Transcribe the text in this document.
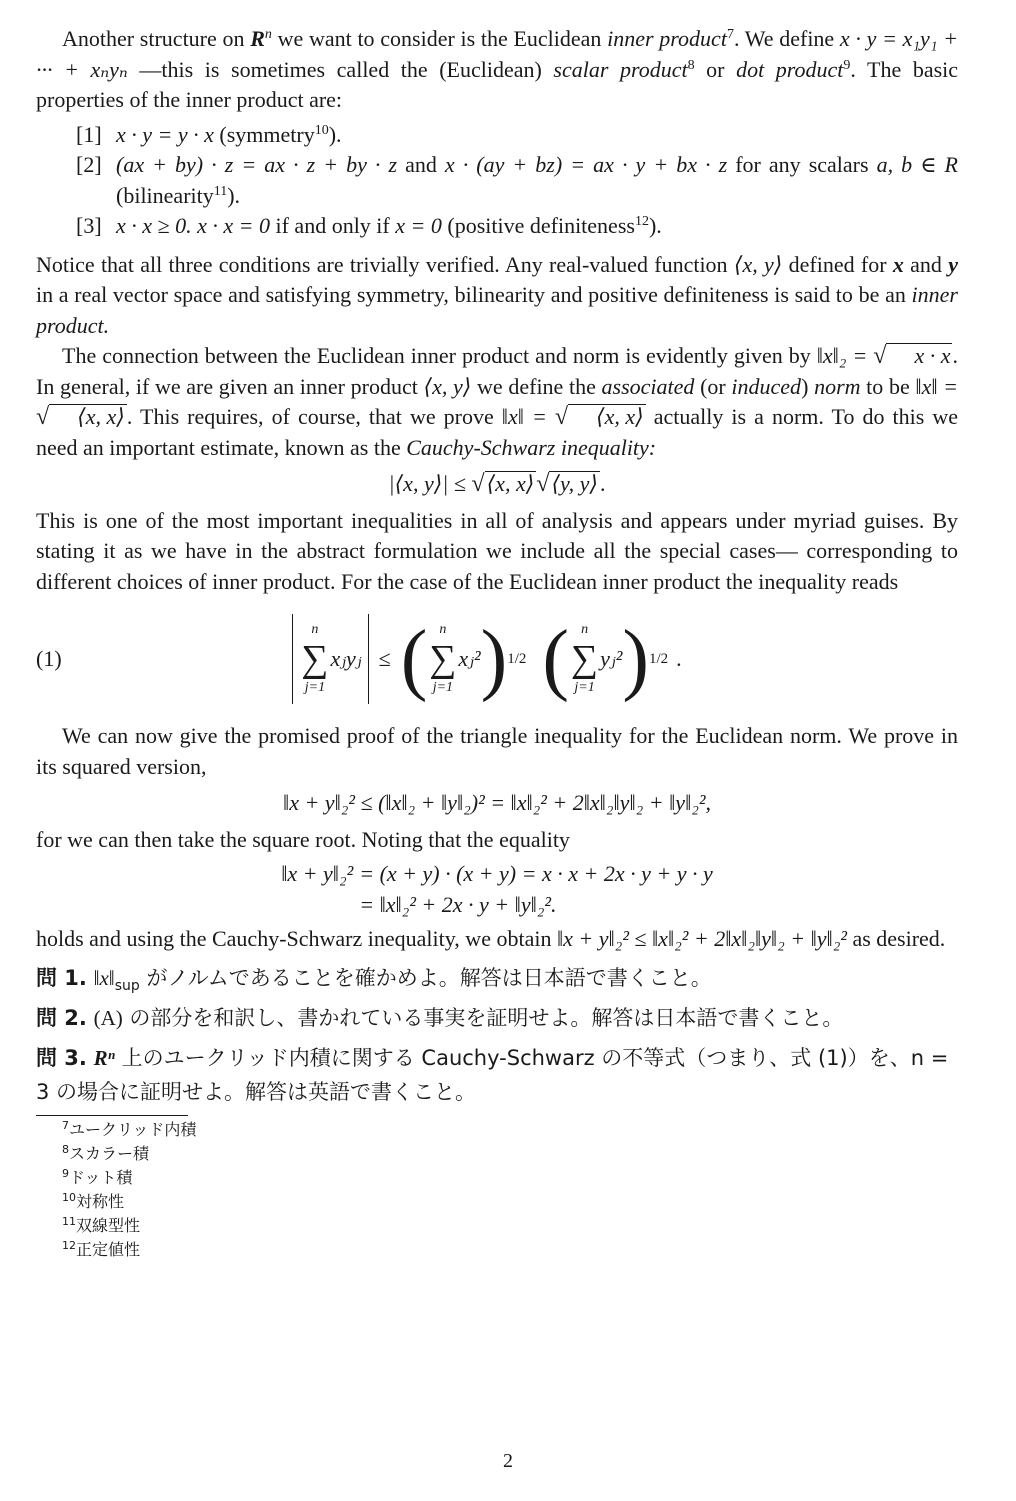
Another structure on $R^n$ we want to consider is the Euclidean inner product$^7$. We define x · y = x₁y₁ + ··· + xₙyₙ —this is sometimes called the (Euclidean) scalar product$^8$ or dot product$^9$. The basic properties of the inner product are:

[1] x · y = y · x (symmetry$^{10}$).
[2] (ax + by) · z = ax · z + by · z and x · (ay + bz) = ax · y + bx · z for any scalars a, b ∈ R (bilinearity$^{11}$).
[3] x · x ≥ 0. x · x = 0 if and only if x = 0 (positive definiteness$^{12}$).

Notice that all three conditions are trivially verified. Any real-valued function ⟨x, y⟩ defined for x and y in a real vector space and satisfying symmetry, bilinearity and positive definiteness is said to be an inner product.

The connection between the Euclidean inner product and norm is evidently given by ‖x‖₂ = √ x · x. In general, if we are given an inner product ⟨x, y⟩ we define the associated (or induced) norm to be ‖x‖ = √ ⟨x, x⟩. This requires, of course, that we prove ‖x‖ = √ ⟨x, x⟩ actually is a norm. To do this we need an important estimate, known as the Cauchy-Schwarz inequality:

|⟨x, y⟩| ≤ √⟨x, x⟩√⟨y, y⟩.

This is one of the most important inequalities in all of analysis and appears under myriad guises. By stating it as we have in the abstract formulation we include all the special cases— corresponding to different choices of inner product. For the case of the Euclidean inner product the inequality reads

(1)
n
∑
j=1
xⱼyⱼ ≤ ( n
∑
j=1
xⱼ² ) 1/2 ( n
∑
j=1
yⱼ² ) 1/2 .

We can now give the promised proof of the triangle inequality for the Euclidean norm. We prove in its squared version,

‖x + y‖₂² ≤ (‖x‖₂ + ‖y‖₂)² = ‖x‖₂² + 2‖x‖₂‖y‖₂ + ‖y‖₂²,

for we can then take the square root. Noting that the equality

‖x + y‖₂² = (x + y) · (x + y) = x · x + 2x · y + y · y
= ‖x‖₂² + 2x · y + ‖y‖₂².

holds and using the Cauchy-Schwarz inequality, we obtain ‖x + y‖₂² ≤ ‖x‖₂² + 2‖x‖₂‖y‖₂ + ‖y‖₂² as desired.

問 1. $‖x‖_{sup}$ がノルムであることを確かめよ。解答は日本語で書くこと。
問 2. (A) の部分を和訳し、書かれている事実を証明せよ。解答は日本語で書くこと。
問 3. Rⁿ 上のユークリッド内積に関する Cauchy-Schwarz の不等式（つまり、式 (1)）を、n = 3 の場合に証明せよ。解答は英語で書くこと。
$^7$ユークリッド内積
$^8$スカラー積
$^9$ドット積
$^{10}$対称性
$^{11}$双線型性
$^{12}$正定値性
2
